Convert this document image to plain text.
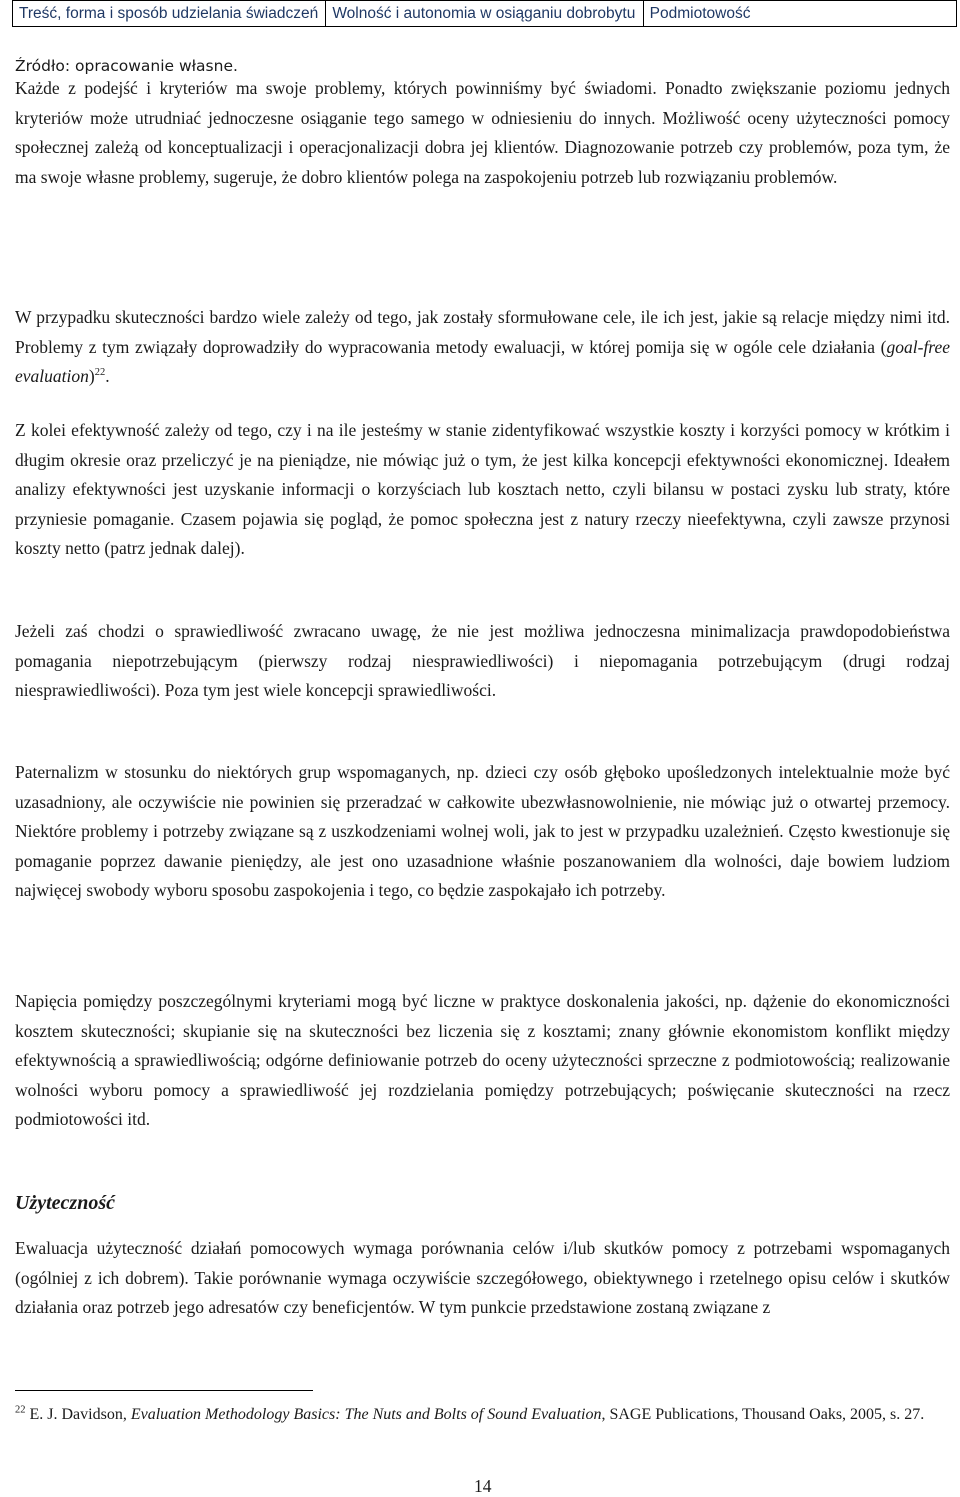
Treść, forma i sposób udzielania świadczeń	Wolność i autonomia w osiąganiu dobrobytu	Podmiotowość
Źródło: opracowanie własne.

Każde z podejść i kryteriów ma swoje problemy, których powinniśmy być świadomi. Ponadto zwiększanie poziomu jednych kryteriów może utrudniać jednoczesne osiąganie tego samego w odniesieniu do innych. Możliwość oceny użyteczności pomocy społecznej zależą od konceptualizacji i operacjonalizacji dobra jej klientów. Diagnozowanie potrzeb czy problemów, poza tym, że ma swoje własne problemy, sugeruje, że dobro klientów polega na zaspokojeniu potrzeb lub rozwiązaniu problemów.

W przypadku skuteczności bardzo wiele zależy od tego, jak zostały sformułowane cele, ile ich jest, jakie są relacje między nimi itd. Problemy z tym związały doprowadziły do wypracowania metody ewaluacji, w której pomija się w ogóle cele działania (goal-free evaluation)$^{22}$.

Z kolei efektywność zależy od tego, czy i na ile jesteśmy w stanie zidentyfikować wszystkie koszty i korzyści pomocy w krótkim i długim okresie oraz przeliczyć je na pieniądze, nie mówiąc już o tym, że jest kilka koncepcji efektywności ekonomicznej. Ideałem analizy efektywności jest uzyskanie informacji o korzyściach lub kosztach netto, czyli bilansu w postaci zysku lub straty, które przyniesie pomaganie. Czasem pojawia się pogląd, że pomoc społeczna jest z natury rzeczy nieefektywna, czyli zawsze przynosi koszty netto (patrz jednak dalej).

Jeżeli zaś chodzi o sprawiedliwość zwracano uwagę, że nie jest możliwa jednoczesna minimalizacja prawdopodobieństwa pomagania niepotrzebującym (pierwszy rodzaj niesprawiedliwości) i niepomagania potrzebującym (drugi rodzaj niesprawiedliwości). Poza tym jest wiele koncepcji sprawiedliwości.

Paternalizm w stosunku do niektórych grup wspomaganych, np. dzieci czy osób głęboko upośledzonych intelektualnie może być uzasadniony, ale oczywiście nie powinien się przeradzać w całkowite ubezwłasnowolnienie, nie mówiąc już o otwartej przemocy. Niektóre problemy i potrzeby związane są z uszkodzeniami wolnej woli, jak to jest w przypadku uzależnień. Często kwestionuje się pomaganie poprzez dawanie pieniędzy, ale jest ono uzasadnione właśnie poszanowaniem dla wolności, daje bowiem ludziom najwięcej swobody wyboru sposobu zaspokojenia i tego, co będzie zaspokajało ich potrzeby.

Napięcia pomiędzy poszczególnymi kryteriami mogą być liczne w praktyce doskonalenia jakości, np. dążenie do ekonomiczności kosztem skuteczności; skupianie się na skuteczności bez liczenia się z kosztami; znany głównie ekonomistom konflikt między efektywnością a sprawiedliwością; odgórne definiowanie potrzeb do oceny użyteczności sprzeczne z podmiotowością; realizowanie wolności wyboru pomocy a sprawiedliwość jej rozdzielania pomiędzy potrzebujących; poświęcanie skuteczności na rzecz podmiotowości itd.

Użyteczność

Ewaluacja użyteczność działań pomocowych wymaga porównania celów i/lub skutków pomocy z potrzebami wspomaganych (ogólniej z ich dobrem). Takie porównanie wymaga oczywiście szczegółowego, obiektywnego i rzetelnego opisu celów i skutków działania oraz potrzeb jego adresatów czy beneficjentów. W tym punkcie przedstawione zostaną związane z

$^{22}$ E. J. Davidson, Evaluation Methodology Basics: The Nuts and Bolts of Sound Evaluation, SAGE Publications, Thousand Oaks, 2005, s. 27.

14
